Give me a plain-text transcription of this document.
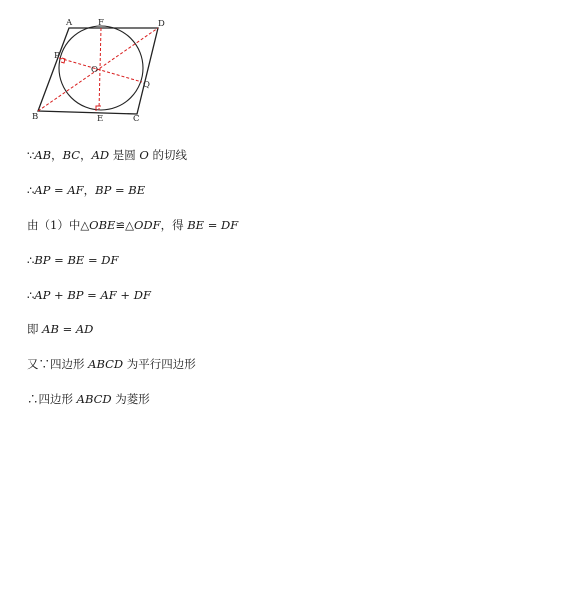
A	F	D
P
O
Q
B	E	C
∵AB，BC，AD 是圆 O 的切线
∴AP = AF，BP = BE
由（1）中△OBE≌△ODF，得 BE = DF
∴BP = BE = DF
∴AP + BP = AF + DF
即 AB = AD
又∵四边形 ABCD 为平行四边形
∴四边形 ABCD 为菱形
